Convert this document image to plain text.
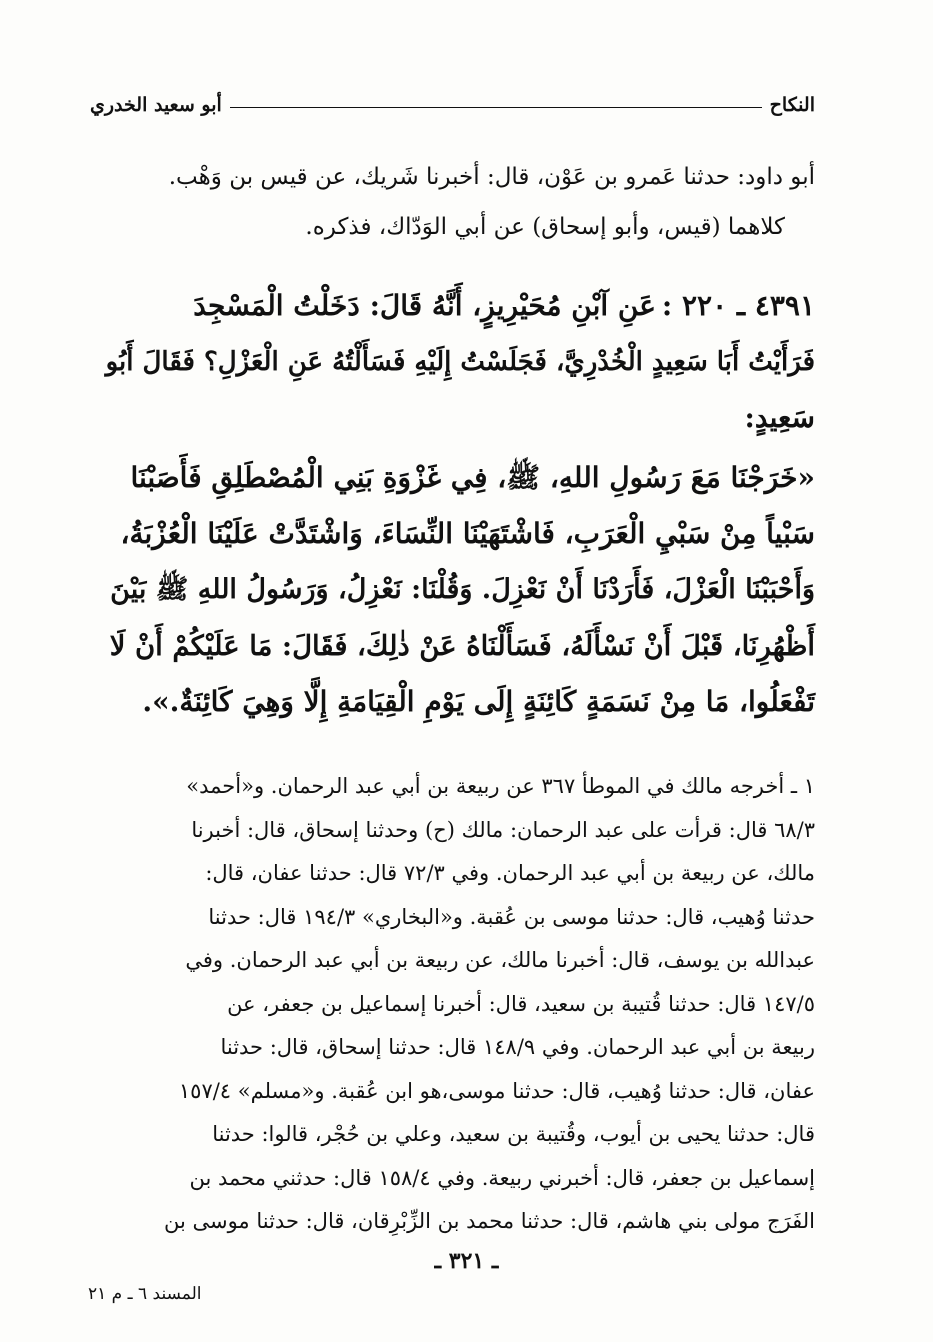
النكاح
أبو سعيد الخدري
أبو داود: حدثنا عَمرو بن عَوْن، قال: أخبرنا شَريك، عن قيس بن وَهْب.
كلاهما (قيس، وأبو إسحاق) عن أبي الوَدّاك، فذكره.
٤٣٩١ ـ ٢٢٠ :عَنِ آبْنِ مُحَيْرِيزٍ، أَنَّهُ قَالَ: دَخَلْتُ الْمَسْجِدَ
فَرَأَيْتُ أَبَا سَعِيدٍ الْخُدْرِيَّ، فَجَلَسْتُ إِلَيْهِ فَسَأَلْتُهُ عَنِ الْعَزْلِ؟ فَقَالَ أَبُو
سَعِيدٍ:
«خَرَجْنَا مَعَ رَسُولِ اللهِ، ﷺ، فِي غَزْوَةِ بَنِي الْمُصْطَلِقِ فَأَصَبْنَا
سَبْياً مِنْ سَبْيِ الْعَرَبِ، فَاشْتَهَيْنَا النِّسَاءَ، وَاشْتَدَّتْ عَلَيْنَا الْعُزْبَةُ،
وَأَحْبَبْنَا الْعَزْلَ، فَأَرَدْنَا أَنْ نَعْزِلَ. وَقُلْنَا: نَعْزِلُ، وَرَسُولُ اللهِ ﷺ بَيْنَ
أَظْهُرِنَا، قَبْلَ أَنْ نَسْأَلَهُ، فَسَأَلْنَاهُ عَنْ ذٰلِكَ، فَقَالَ: مَا عَلَيْكُمْ أَنْ لَا
تَفْعَلُوا، مَا مِنْ نَسَمَةٍ كَائِنَةٍ إِلَى يَوْمِ الْقِيَامَةِ إِلَّا وَهِيَ كَائِنَةٌ.».
١ ـ أخرجه مالك في الموطأ ٣٦٧ عن ربيعة بن أبي عبد الرحمان. و«أحمد»
٦٨/٣ قال: قرأت على عبد الرحمان: مالك (ح) وحدثنا إسحاق، قال: أخبرنا
مالك، عن ربيعة بن أبي عبد الرحمان. وفي ٧٢/٣ قال: حدثنا عفان، قال:
حدثنا وُهيب، قال: حدثنا موسى بن عُقبة. و«البخاري» ١٩٤/٣ قال: حدثنا
عبدالله بن يوسف، قال: أخبرنا مالك، عن ربيعة بن أبي عبد الرحمان. وفي
١٤٧/٥ قال: حدثنا قُتيبة بن سعيد، قال: أخبرنا إسماعيل بن جعفر، عن
ربيعة بن أبي عبد الرحمان. وفي ١٤٨/٩ قال: حدثنا إسحاق، قال: حدثنا
عفان، قال: حدثنا وُهيب، قال: حدثنا موسى،هو ابن عُقبة. و«مسلم» ١٥٧/٤
قال: حدثنا يحيى بن أيوب، وقُتيبة بن سعيد، وعلي بن حُجْر، قالوا: حدثنا
إسماعيل بن جعفر، قال: أخبرني ربيعة. وفي ١٥٨/٤ قال: حدثني محمد بن
الفَرَج مولى بني هاشم، قال: حدثنا محمد بن الزِّبْرِقان، قال: حدثنا موسى بن
ـ ٣٢١ ـ
المسند ٦ ـ م ٢١
